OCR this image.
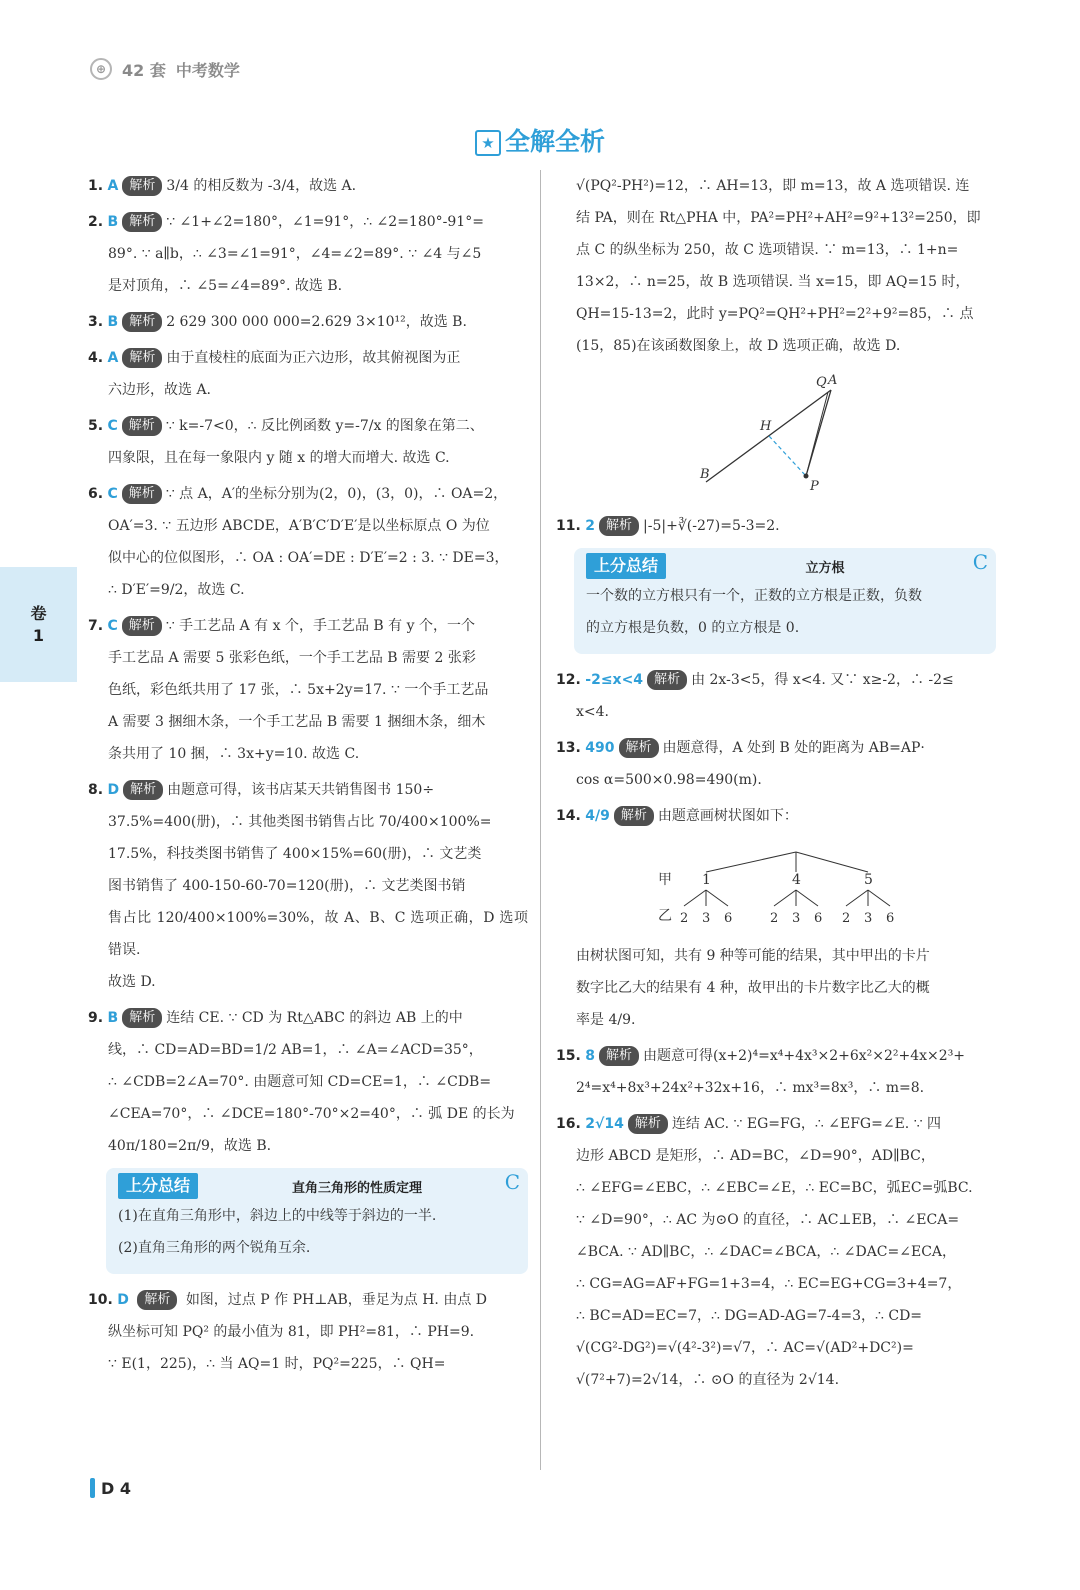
⊕ 42 套 中考数学
★ 全解全析
卷
1
1. A 解析 3/4 的相反数为 -3/4，故选 A.
2. B 解析 ∵ ∠1+∠2=180°，∠1=91°，∴ ∠2=180°-91°=
89°. ∵ a∥b，∴ ∠3=∠1=91°，∠4=∠2=89°. ∵ ∠4 与∠5
是对顶角，∴ ∠5=∠4=89°. 故选 B.
3. B 解析 2 629 300 000 000=2.629 3×10¹²，故选 B.
4. A 解析 由于直棱柱的底面为正六边形，故其俯视图为正
六边形，故选 A.
5. C 解析 ∵ k=-7<0，∴ 反比例函数 y=-7/x 的图象在第二、
四象限，且在每一象限内 y 随 x 的增大而增大. 故选 C.
6. C 解析 ∵ 点 A，A′的坐标分别为(2，0)，(3，0)，∴ OA=2，
OA′=3. ∵ 五边形 ABCDE，A′B′C′D′E′是以坐标原点 O 为位
似中心的位似图形，∴ OA : OA′=DE : D′E′=2 : 3. ∵ DE=3，
∴ D′E′=9/2，故选 C.
7. C 解析 ∵ 手工艺品 A 有 x 个，手工艺品 B 有 y 个，一个
手工艺品 A 需要 5 张彩色纸，一个手工艺品 B 需要 2 张彩
色纸，彩色纸共用了 17 张，∴ 5x+2y=17. ∵ 一个手工艺品
A 需要 3 捆细木条，一个手工艺品 B 需要 1 捆细木条，细木
条共用了 10 捆，∴ 3x+y=10. 故选 C.
8. D 解析 由题意可得，该书店某天共销售图书 150÷
37.5%=400(册)，∴ 其他类图书销售占比 70/400×100%=
17.5%，科技类图书销售了 400×15%=60(册)，∴ 文艺类
图书销售了 400-150-60-70=120(册)，∴ 文艺类图书销
售占比 120/400×100%=30%，故 A、B、C 选项正确，D 选项错误.
故选 D.
9. B 解析 连结 CE. ∵ CD 为 Rt△ABC 的斜边 AB 上的中
线，∴ CD=AD=BD=1/2 AB=1，∴ ∠A=∠ACD=35°，
∴ ∠CDB=2∠A=70°. 由题意可知 CD=CE=1，∴ ∠CDB=
∠CEA=70°，∴ ∠DCE=180°-70°×2=40°，∴ 弧 DE 的长为
40π/180=2π/9，故选 B.
上分总结	直角三角形的性质定理	C
(1)在直角三角形中，斜边上的中线等于斜边的一半.
(2)直角三角形的两个锐角互余.
10. D 解析 如图，过点 P 作 PH⊥AB，垂足为点 H. 由点 D
纵坐标可知 PQ² 的最小值为 81，即 PH²=81，∴ PH=9.
∵ E(1，225)，∴ 当 AQ=1 时，PQ²=225，∴ QH=
√(PQ²-PH²)=12，∴ AH=13，即 m=13，故 A 选项错误. 连
结 PA，则在 Rt△PHA 中，PA²=PH²+AH²=9²+13²=250，即
点 C 的纵坐标为 250，故 C 选项错误. ∵ m=13，∴ 1+n=
13×2，∴ n=25，故 B 选项错误. 当 x=15，即 AQ=15 时，
QH=15-13=2，此时 y=PQ²=QH²+PH²=2²+9²=85，∴ 点
(15，85)在该函数图象上，故 D 选项正确，故选 D.
Q A
H
B
P
11. 2 解析 |-5|+∛(-27)=5-3=2.
上分总结	立方根	C
一个数的立方根只有一个，正数的立方根是正数，负数
的立方根是负数，0 的立方根是 0.
12. -2≤x<4 解析 由 2x-3<5，得 x<4. 又∵ x≥-2，∴ -2≤
x<4.
13. 490 解析 由题意得，A 处到 B 处的距离为 AB=AP·
cos α=500×0.98=490(m).
14. 4/9 解析 由题意画树状图如下：
甲
乙
1	4	5
2 3 6	2 3 6 2 3 6
由树状图可知，共有 9 种等可能的结果，其中甲出的卡片
数字比乙大的结果有 4 种，故甲出的卡片数字比乙大的概
率是 4/9.
15. 8 解析 由题意可得(x+2)⁴=x⁴+4x³×2+6x²×2²+4x×2³+
2⁴=x⁴+8x³+24x²+32x+16，∴ mx³=8x³，∴ m=8.
16. 2√14 解析 连结 AC. ∵ EG=FG，∴ ∠EFG=∠E. ∵ 四
边形 ABCD 是矩形，∴ AD=BC，∠D=90°，AD∥BC，
∴ ∠EFG=∠EBC，∴ ∠EBC=∠E，∴ EC=BC，弧EC=弧BC.
∵ ∠D=90°，∴ AC 为⊙O 的直径，∴ AC⊥EB，∴ ∠ECA=
∠BCA. ∵ AD∥BC，∴ ∠DAC=∠BCA，∴ ∠DAC=∠ECA，
∴ CG=AG=AF+FG=1+3=4，∴ EC=EG+CG=3+4=7，
∴ BC=AD=EC=7，∴ DG=AD-AG=7-4=3，∴ CD=
√(CG²-DG²)=√(4²-3²)=√7，∴ AC=√(AD²+DC²)=
√(7²+7)=2√14，∴ ⊙O 的直径为 2√14.
D 4
